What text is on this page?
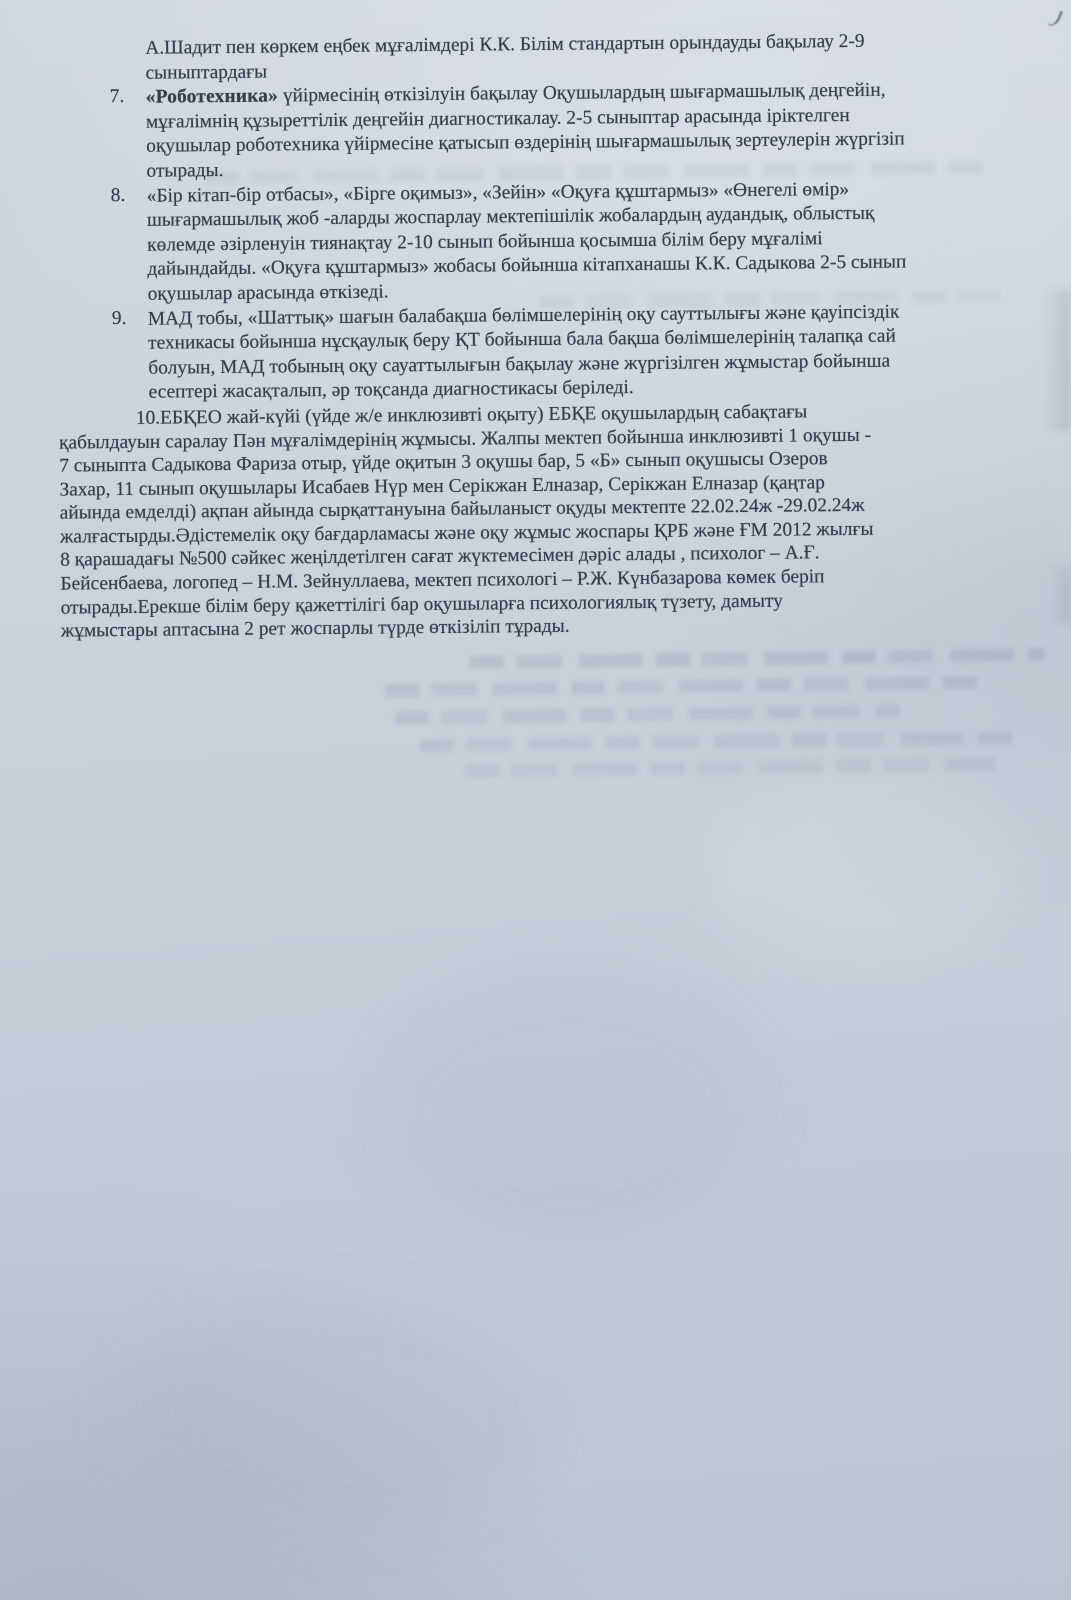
А.Шадит пен көркем еңбек мұғалімдері К.К. Білім стандартын орындауды бақылау 2-9
сыныптардағы
7.	«Роботехника» үйірмесінің өткізілуін бақылау Оқушылардың шығармашылық деңгейін,
мұғалімнің құзыреттілік деңгейін диагностикалау. 2-5 сыныптар арасында іріктелген
оқушылар роботехника үйірмесіне қатысып өздерінің шығармашылық зертеулерін жүргізіп
отырады.
8.	«Бір кітап-бір отбасы», «Бірге оқимыз», «Зейін» «Оқуға құштармыз» «Өнегелі өмір»
шығармашылық жоб -аларды жоспарлау мектепішілік жобалардың аудандық, облыстық
көлемде әзірленуін тиянақтау 2-10 сынып бойынша қосымша білім беру мұғалімі
дайындайды. «Оқуға құштармыз» жобасы бойынша кітапханашы К.К. Садыкова 2-5 сынып
оқушылар арасында өткізеді.
9.	МАД тобы, «Шаттық» шағын балабақша бөлімшелерінің оқу сауттылығы және қауіпсіздік
техникасы бойынша нұсқаулық беру ҚТ бойынша бала бақша бөлімшелерінің талапқа сай
болуын, МАД тобының оқу сауаттылығын бақылау және жүргізілген жұмыстар бойынша
есептері жасақталып, әр тоқсанда диагностикасы беріледі.
10.ЕБҚЕО жай-күйі (үйде ж/е инклюзивті оқыту) ЕБҚЕ оқушылардың сабақтағы
қабылдауын саралау Пән мұғалімдерінің жұмысы. Жалпы мектеп бойынша инклюзивті 1 оқушы -
7 сыныпта Садыкова Фариза отыр, үйде оқитын 3 оқушы бар, 5 «Б» сынып оқушысы Озеров
Захар, 11 сынып оқушылары Исабаев Нүр мен Серікжан Елназар, Серікжан Елназар (қаңтар
айында емделді) ақпан айында сырқаттануына байыланыст оқуды мектепте 22.02.24ж -29.02.24ж
жалғастырды.Әдістемелік оқу бағдарламасы және оқу жұмыс жоспары ҚРБ және ҒМ 2012 жылғы
8 қарашадағы №500 сәйкес жеңілдетілген сағат жүктемесімен дәріс алады , психолог – А.Ғ.
Бейсенбаева, логопед – Н.М. Зейнуллаева, мектеп психологі – Р.Ж. Күнбазарова көмек беріп
отырады.Ерекше білім беру қажеттілігі бар оқушыларға психологиялық түзету, дамыту
жұмыстары аптасына 2 рет жоспарлы түрде өткізіліп тұрады.
